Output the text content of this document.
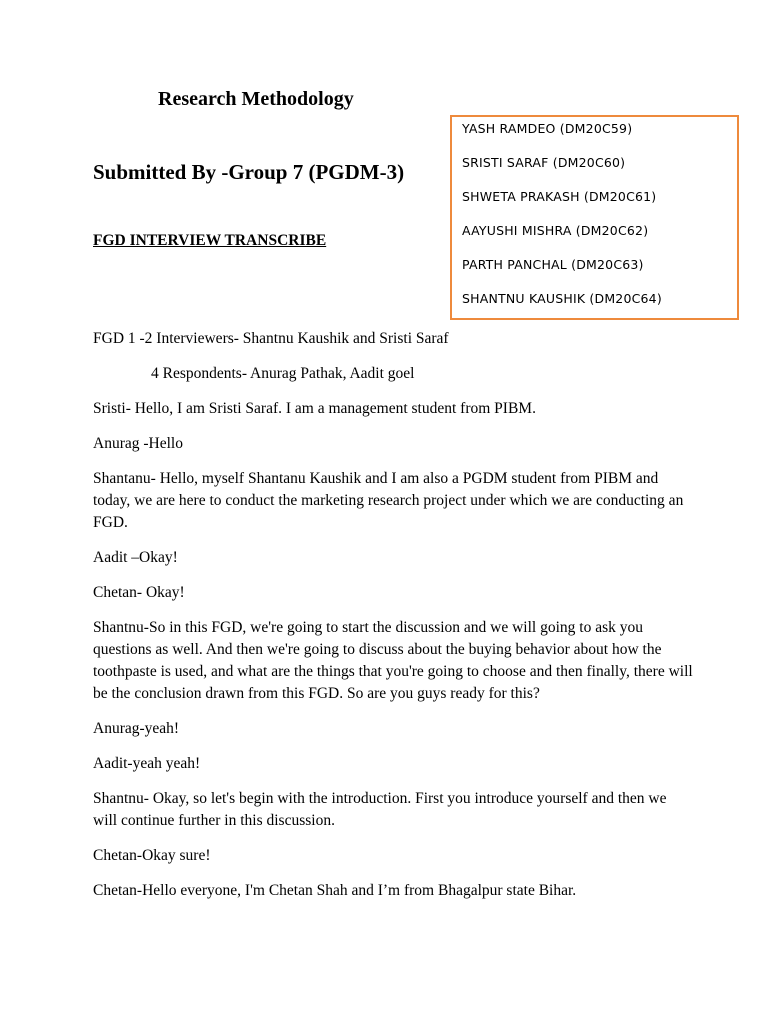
Research Methodology
Submitted By -Group 7 (PGDM-3)
FGD INTERVIEW TRANSCRIBE
YASH RAMDEO (DM20C59)
SRISTI SARAF (DM20C60)
SHWETA PRAKASH (DM20C61)
AAYUSHI MISHRA (DM20C62)
PARTH PANCHAL (DM20C63)
SHANTNU KAUSHIK (DM20C64)

FGD 1 -2 Interviewers- Shantnu Kaushik and Sristi Saraf

4 Respondents- Anurag Pathak, Aadit goel

Sristi- Hello, I am Sristi Saraf. I am a management student from PIBM.

Anurag -Hello

Shantanu- Hello, myself Shantanu Kaushik and I am also a PGDM student from PIBM and today, we are here to conduct the marketing research project under which we are conducting an FGD.

Aadit –Okay!

Chetan- Okay!

Shantnu-So in this FGD, we're going to start the discussion and we will going to ask you questions as well. And then we're going to discuss about the buying behavior about how the toothpaste is used, and what are the things that you're going to choose and then finally, there will be the conclusion drawn from this FGD. So are you guys ready for this?

Anurag-yeah!

Aadit-yeah yeah!

Shantnu- Okay, so let's begin with the introduction. First you introduce yourself and then we will continue further in this discussion.

Chetan-Okay sure!

Chetan-Hello everyone, I'm Chetan Shah and I’m from Bhagalpur state Bihar.
